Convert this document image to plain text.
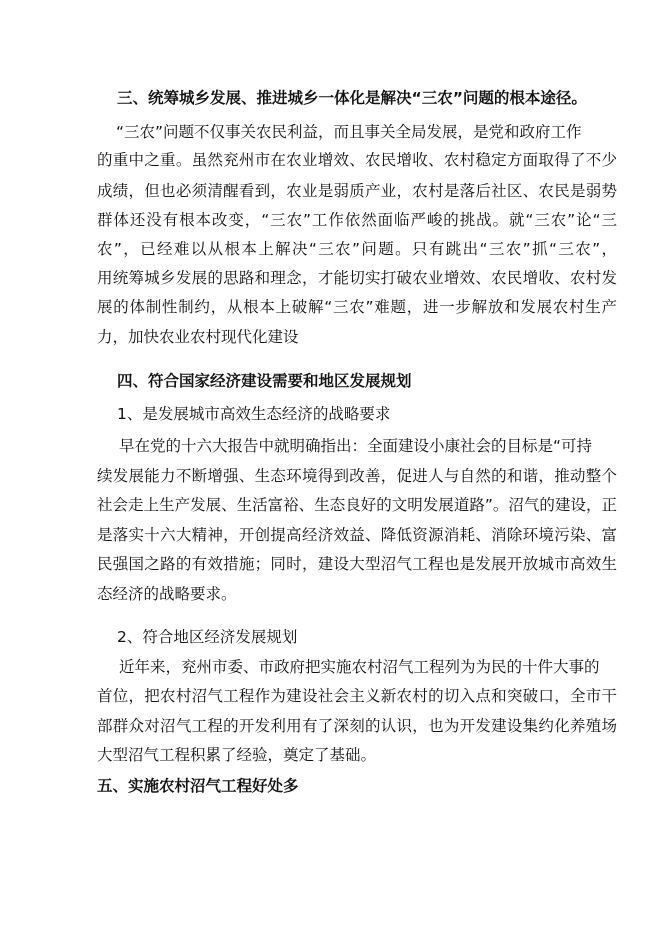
三、统筹城乡发展、推进城乡一体化是解决“三农”问题的根本途径。
“三农”问题不仅事关农民利益，而且事关全局发展，是党和政府工作
的重中之重。虽然兖州市在农业增效、农民增收、农村稳定方面取得了不少
成绩，但也必须清醒看到，农业是弱质产业，农村是落后社区、农民是弱势
群体还没有根本改变，“三农”工作依然面临严峻的挑战。就“三农”论“三
农”，已经难以从根本上解决“三农”问题。只有跳出“三农”抓“三农”，
用统筹城乡发展的思路和理念，才能切实打破农业增效、农民增收、农村发
展的体制性制约，从根本上破解“三农”难题，进一步解放和发展农村生产
力，加快农业农村现代化建设
四、符合国家经济建设需要和地区发展规划
1、是发展城市高效生态经济的战略要求
早在党的十六大报告中就明确指出：全面建设小康社会的目标是“可持
续发展能力不断增强、生态环境得到改善，促进人与自然的和谐，推动整个
社会走上生产发展、生活富裕、生态良好的文明发展道路”。沼气的建设，正
是落实十六大精神，开创提高经济效益、降低资源消耗、消除环境污染、富
民强国之路的有效措施；同时，建设大型沼气工程也是发展开放城市高效生
态经济的战略要求。
2、符合地区经济发展规划
近年来，兖州市委、市政府把实施农村沼气工程列为为民的十件大事的
首位，把农村沼气工程作为建设社会主义新农村的切入点和突破口，全市干
部群众对沼气工程的开发利用有了深刻的认识，也为开发建设集约化养殖场
大型沼气工程积累了经验，奠定了基础。
五、实施农村沼气工程好处多
